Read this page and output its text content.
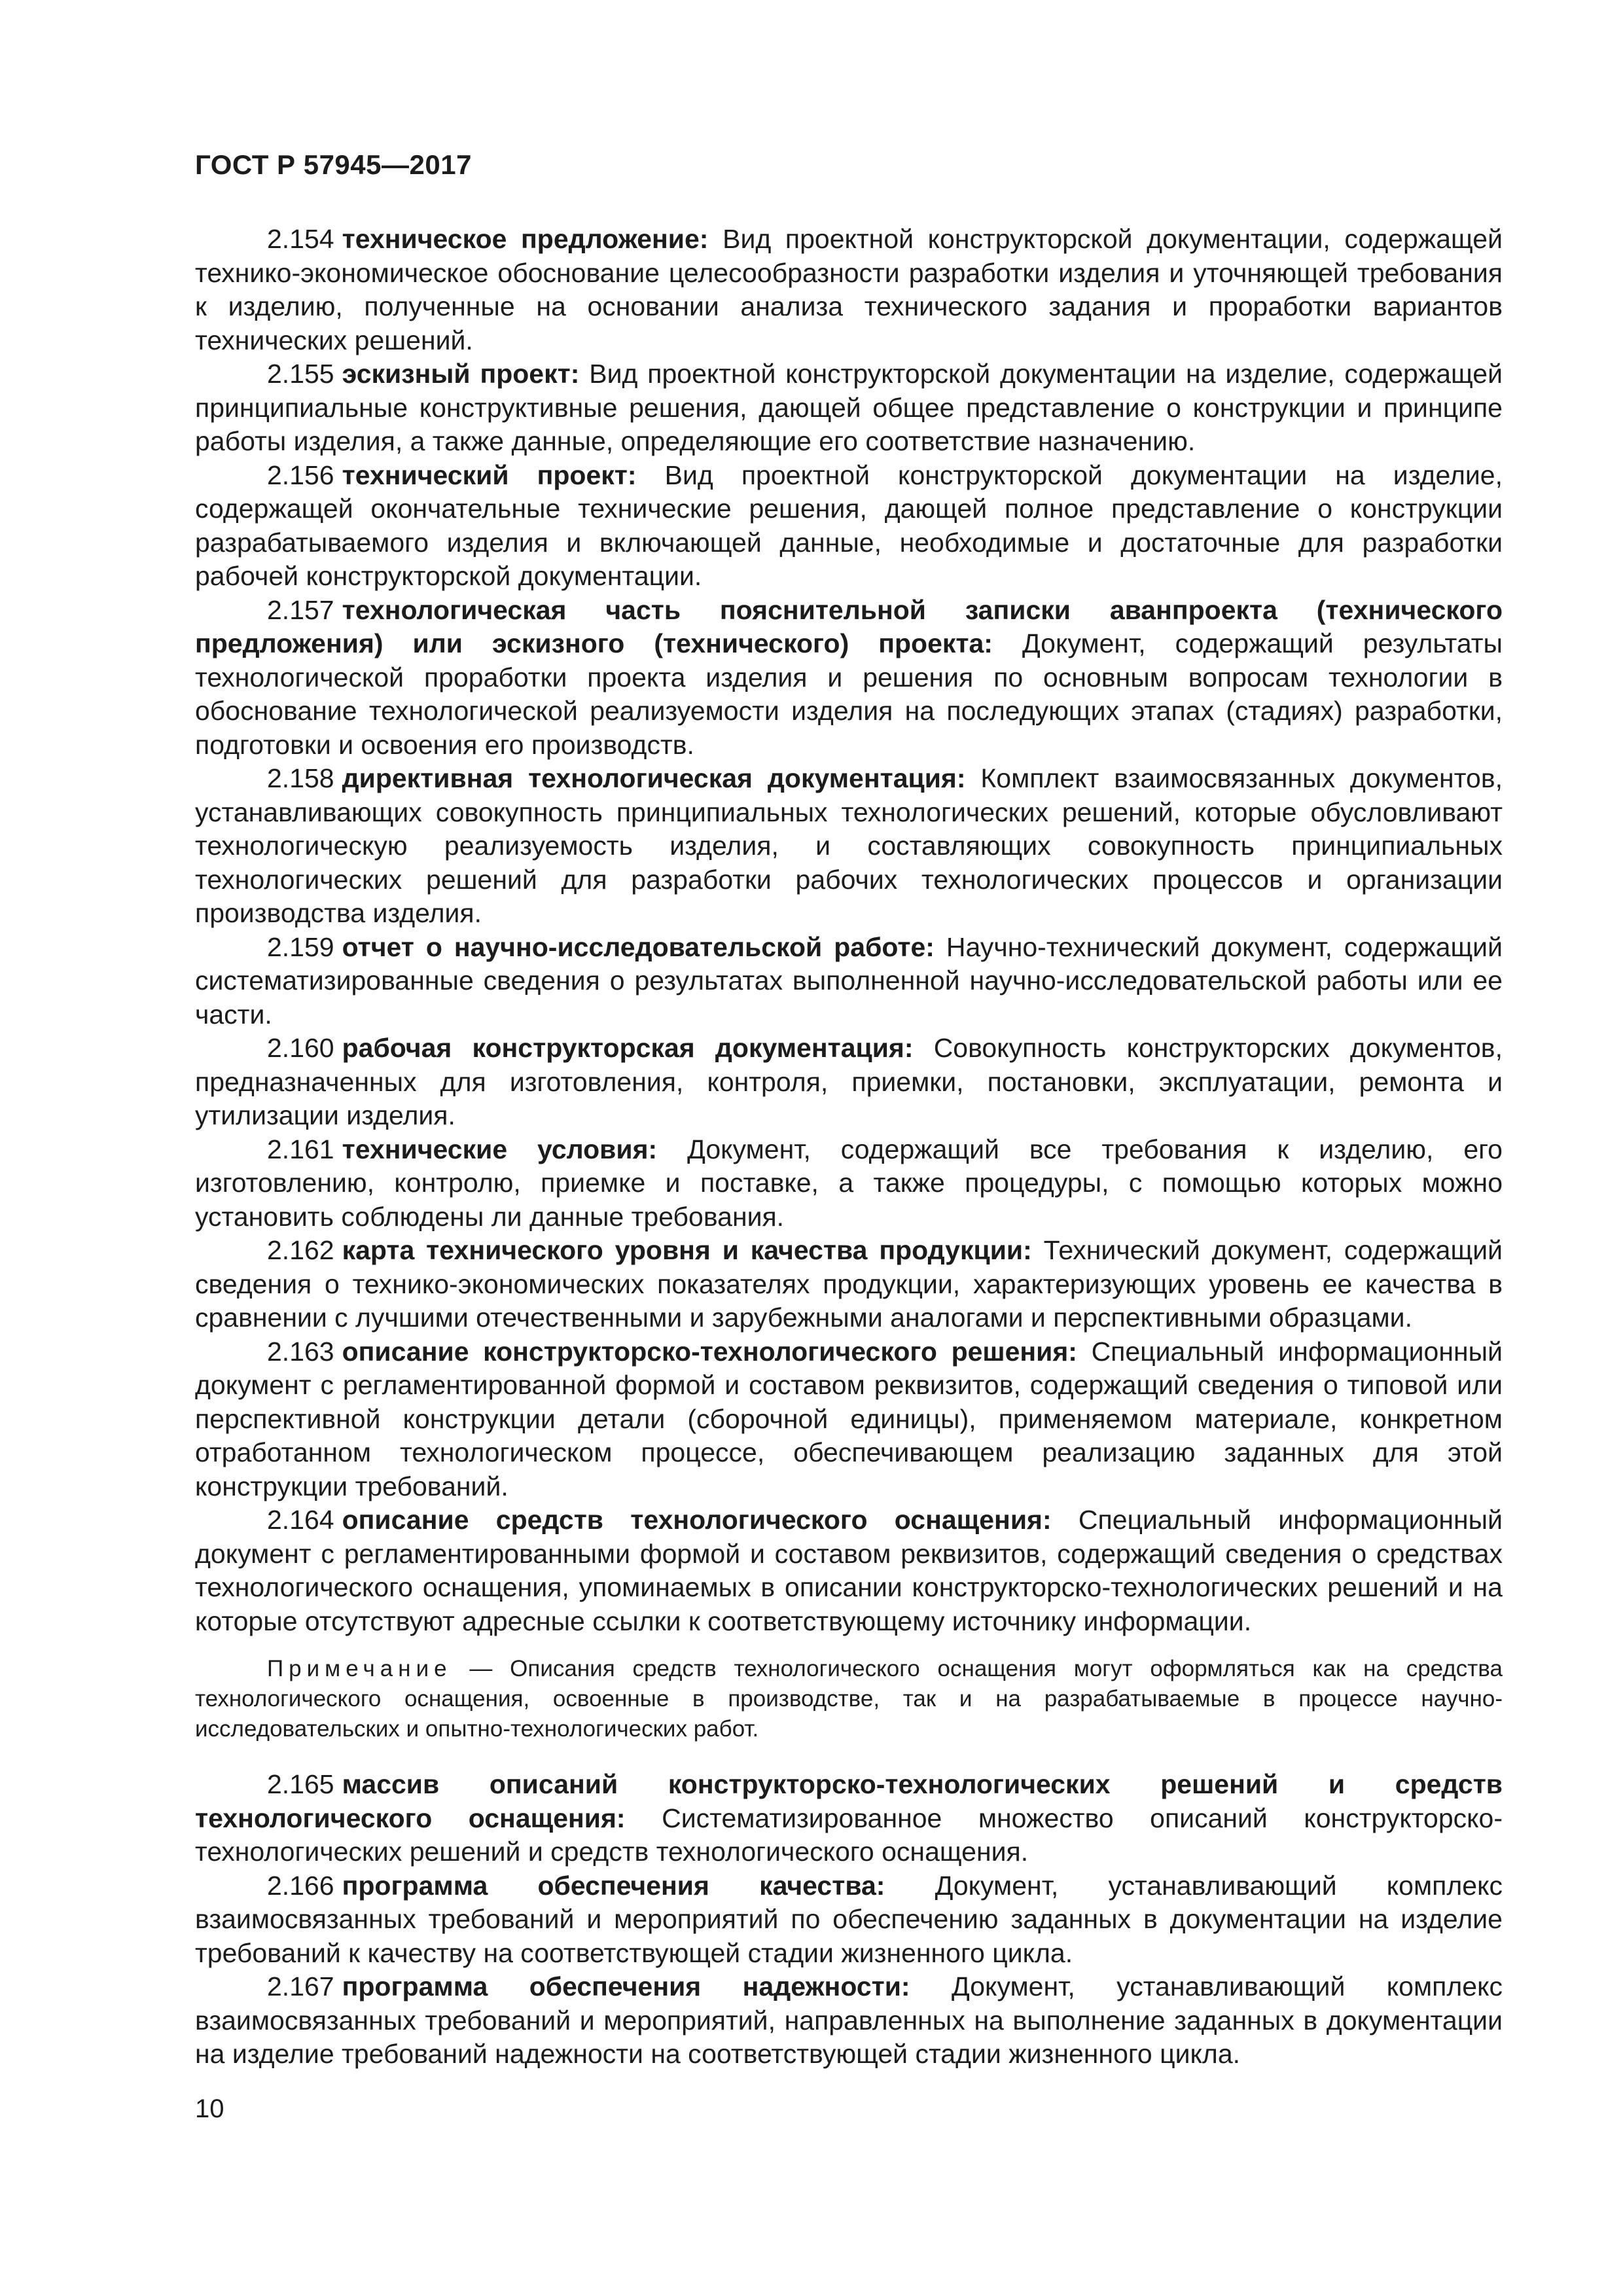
ГОСТ Р 57945—2017

2.154 техническое предложение: Вид проектной конструкторской документации, содержащей технико-экономическое обоснование целесообразности разработки изделия и уточняющей требования к изделию, полученные на основании анализа технического задания и проработки вариантов технических решений.

2.155 эскизный проект: Вид проектной конструкторской документации на изделие, содержащей принципиальные конструктивные решения, дающей общее представление о конструкции и принципе работы изделия, а также данные, определяющие его соответствие назначению.

2.156 технический проект: Вид проектной конструкторской документации на изделие, содержащей окончательные технические решения, дающей полное представление о конструкции разрабатываемого изделия и включающей данные, необходимые и достаточные для разработки рабочей конструкторской документации.

2.157 технологическая часть пояснительной записки аванпроекта (технического предложения) или эскизного (технического) проекта: Документ, содержащий результаты технологической проработки проекта изделия и решения по основным вопросам технологии в обоснование технологической реализуемости изделия на последующих этапах (стадиях) разработки, подготовки и освоения его производств.

2.158 директивная технологическая документация: Комплект взаимосвязанных документов, устанавливающих совокупность принципиальных технологических решений, которые обусловливают технологическую реализуемость изделия, и составляющих совокупность принципиальных технологических решений для разработки рабочих технологических процессов и организации производства изделия.

2.159 отчет о научно-исследовательской работе: Научно-технический документ, содержащий систематизированные сведения о результатах выполненной научно-исследовательской работы или ее части.

2.160 рабочая конструкторская документация: Совокупность конструкторских документов, предназначенных для изготовления, контроля, приемки, постановки, эксплуатации, ремонта и утилизации изделия.

2.161 технические условия: Документ, содержащий все требования к изделию, его изготовлению, контролю, приемке и поставке, а также процедуры, с помощью которых можно установить соблюдены ли данные требования.

2.162 карта технического уровня и качества продукции: Технический документ, содержащий сведения о технико-экономических показателях продукции, характеризующих уровень ее качества в сравнении с лучшими отечественными и зарубежными аналогами и перспективными образцами.

2.163 описание конструкторско-технологического решения: Специальный информационный документ с регламентированной формой и составом реквизитов, содержащий сведения о типовой или перспективной конструкции детали (сборочной единицы), применяемом материале, конкретном отработанном технологическом процессе, обеспечивающем реализацию заданных для этой конструкции требований.

2.164 описание средств технологического оснащения: Специальный информационный документ с регламентированными формой и составом реквизитов, содержащий сведения о средствах технологического оснащения, упоминаемых в описании конструкторско-технологических решений и на которые отсутствуют адресные ссылки к соответствующему источнику информации.

Примечание — Описания средств технологического оснащения могут оформляться как на средства технологического оснащения, освоенные в производстве, так и на разрабатываемые в процессе научно-исследовательских и опытно-технологических работ.

2.165 массив описаний конструкторско-технологических решений и средств технологического оснащения: Систематизированное множество описаний конструкторско-технологических решений и средств технологического оснащения.

2.166 программа обеспечения качества: Документ, устанавливающий комплекс взаимосвязанных требований и мероприятий по обеспечению заданных в документации на изделие требований к качеству на соответствующей стадии жизненного цикла.

2.167 программа обеспечения надежности: Документ, устанавливающий комплекс взаимосвязанных требований и мероприятий, направленных на выполнение заданных в документации на изделие требований надежности на соответствующей стадии жизненного цикла.

10
